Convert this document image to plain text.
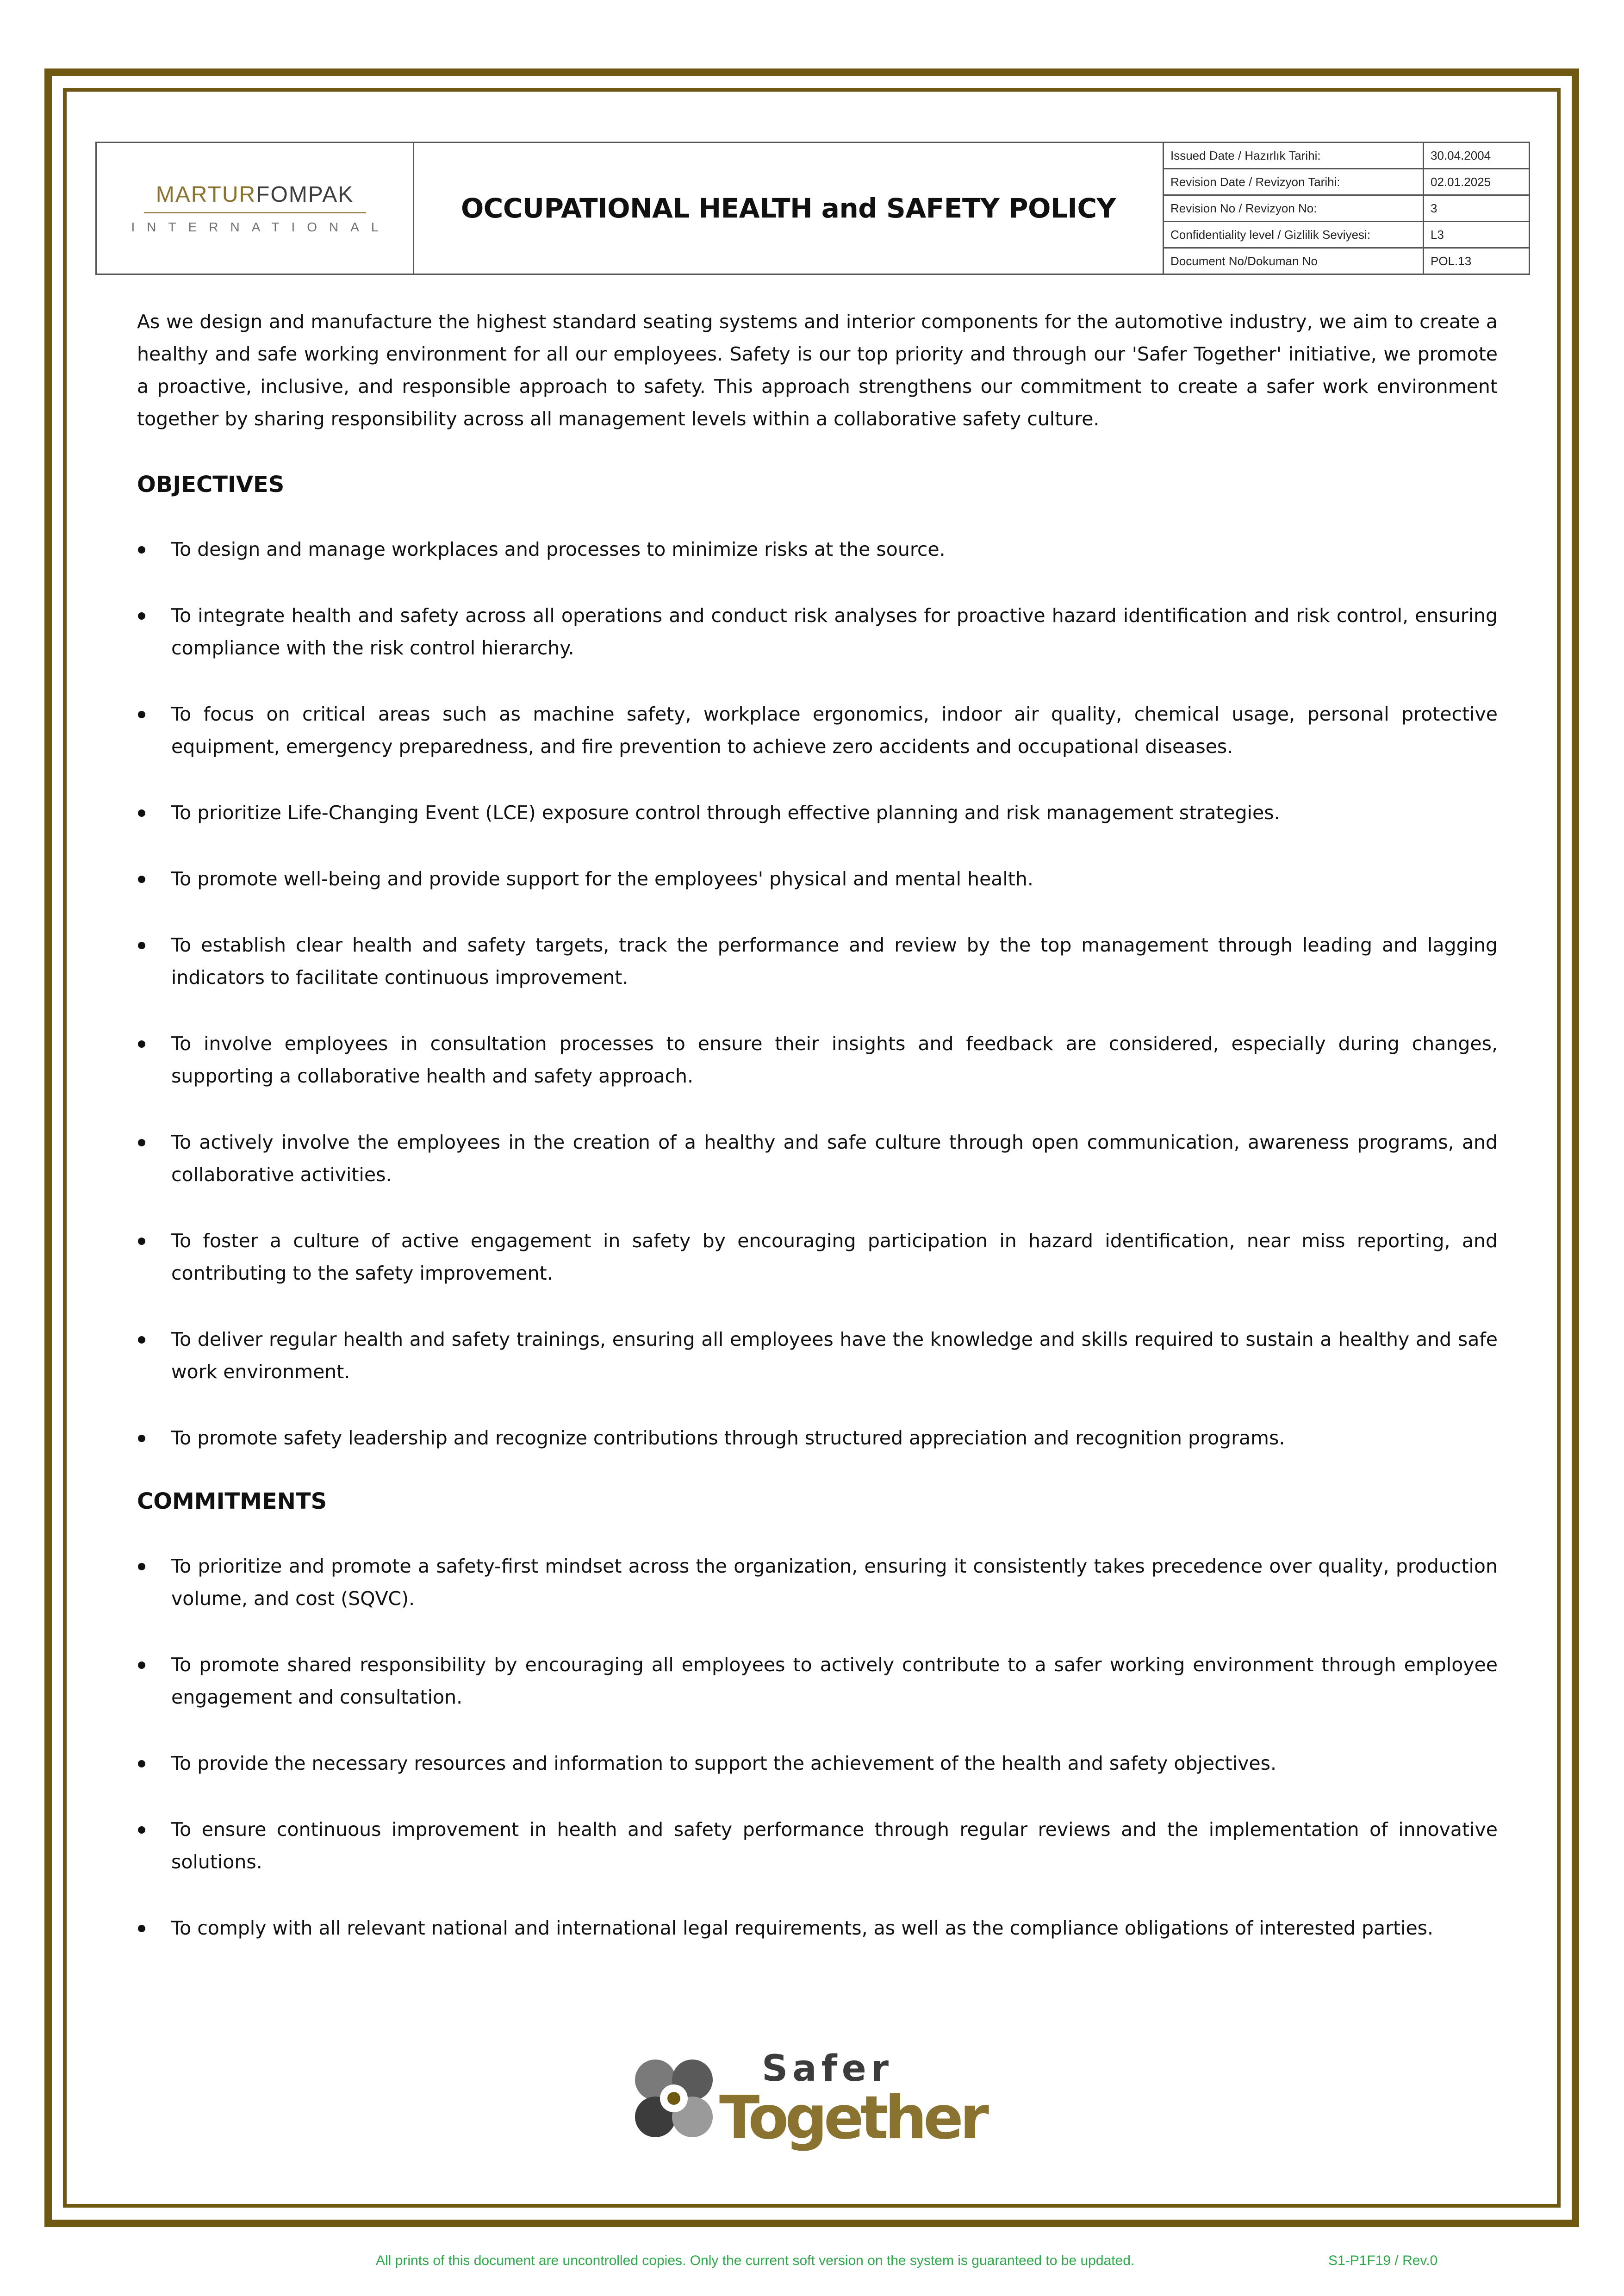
MARTURFOMPAK
INTERNATIONAL
OCCUPATIONAL HEALTH and SAFETY POLICY
Issued Date / Hazırlık Tarihi:	30.04.2004
Revision Date / Revizyon Tarihi:	02.01.2025
Revision No / Revizyon No:	3
Confidentiality level / Gizlilik Seviyesi:	L3
Document No/Dokuman No	POL.13

As we design and manufacture the highest standard seating systems and interior components for the automotive industry, we aim to create a healthy and safe working environment for all our employees. Safety is our top priority and through our 'Safer Together' initiative, we promote a proactive, inclusive, and responsible approach to safety. This approach strengthens our commitment to create a safer work environment together by sharing responsibility across all management levels within a collaborative safety culture.

OBJECTIVES
To design and manage workplaces and processes to minimize risks at the source.
To integrate health and safety across all operations and conduct risk analyses for proactive hazard identification and risk control, ensuring compliance with the risk control hierarchy.
To focus on critical areas such as machine safety, workplace ergonomics, indoor air quality, chemical usage, personal protective equipment, emergency preparedness, and fire prevention to achieve zero accidents and occupational diseases.
To prioritize Life-Changing Event (LCE) exposure control through effective planning and risk management strategies.
To promote well-being and provide support for the employees' physical and mental health.
To establish clear health and safety targets, track the performance and review by the top management through leading and lagging indicators to facilitate continuous improvement.
To involve employees in consultation processes to ensure their insights and feedback are considered, especially during changes, supporting a collaborative health and safety approach.
To actively involve the employees in the creation of a healthy and safe culture through open communication, awareness programs, and collaborative activities.
To foster a culture of active engagement in safety by encouraging participation in hazard identification, near miss reporting, and contributing to the safety improvement.
To deliver regular health and safety trainings, ensuring all employees have the knowledge and skills required to sustain a healthy and safe work environment.
To promote safety leadership and recognize contributions through structured appreciation and recognition programs.
COMMITMENTS
To prioritize and promote a safety-first mindset across the organization, ensuring it consistently takes precedence over quality, production volume, and cost (SQVC).
To promote shared responsibility by encouraging all employees to actively contribute to a safer working environment through employee engagement and consultation.
To provide the necessary resources and information to support the achievement of the health and safety objectives.
To ensure continuous improvement in health and safety performance through regular reviews and the implementation of innovative solutions.
To comply with all relevant national and international legal requirements, as well as the compliance obligations of interested parties.
Safer
Together
All prints of this document are uncontrolled copies. Only the current soft version on the system is guaranteed to be updated.	S1-P1F19 / Rev.0
